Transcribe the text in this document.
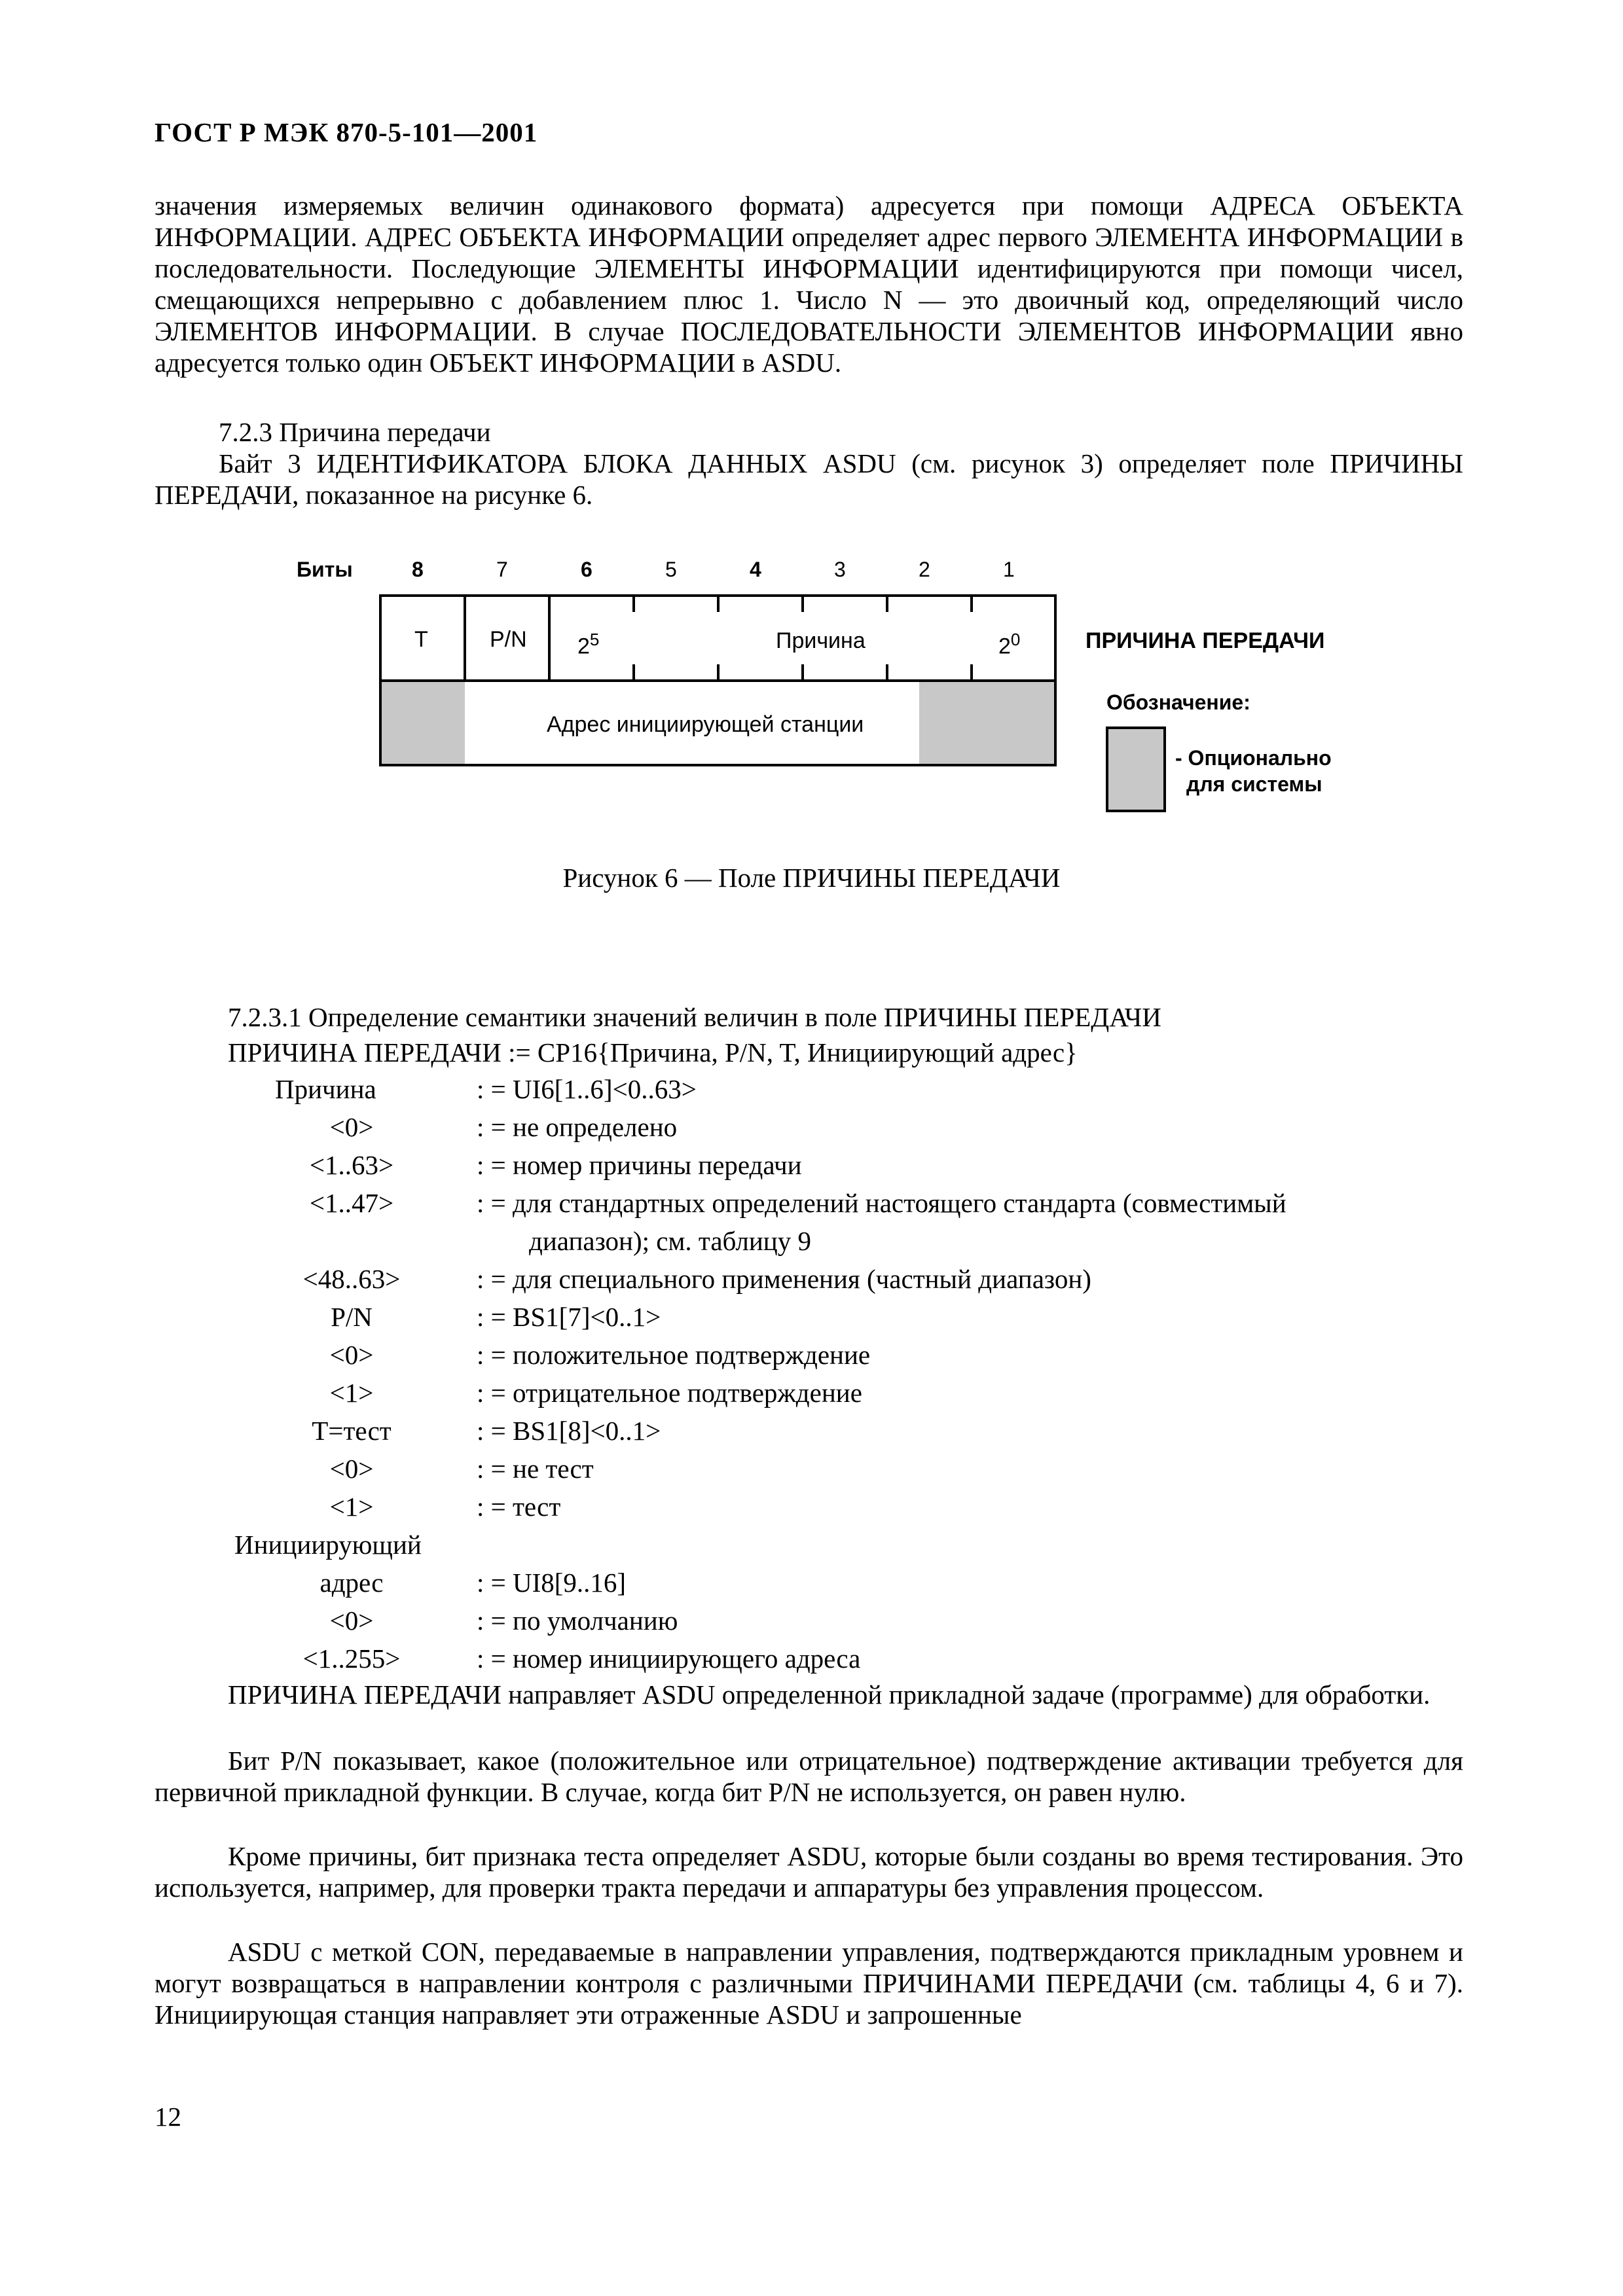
ГОСТ Р МЭК 870-5-101—2001
значения измеряемых величин одинакового формата) адресуется при помощи АДРЕСА ОБЪЕКТА ИНФОРМАЦИИ. АДРЕС ОБЪЕКТА ИНФОРМАЦИИ определяет адрес первого ЭЛЕМЕНТА ИНФОРМАЦИИ в последовательности. Последующие ЭЛЕМЕНТЫ ИНФОРМАЦИИ идентифицируются при помощи чисел, смещающихся непрерывно с добавлением плюс 1. Число N — это двоичный код, определяющий число ЭЛЕМЕНТОВ ИНФОРМАЦИИ. В случае ПОСЛЕДОВАТЕЛЬНОСТИ ЭЛЕМЕНТОВ ИНФОРМАЦИИ явно адресуется только один ОБЪЕКТ ИНФОРМАЦИИ в ASDU.
7.2.3 Причина передачи
Байт 3 ИДЕНТИФИКАТОРА БЛОКА ДАННЫХ ASDU (см. рисунок 3) определяет поле ПРИЧИНЫ ПЕРЕДАЧИ, показанное на рисунке 6.
Биты	8	7	6	5	4	3	2	1
T	P/N $2^5$	Причина	$2^0$
Адрес инициирующей станции
ПРИЧИНА ПЕРЕДАЧИ
Обозначение:
- Опционально
для системы
Рисунок 6 — Поле ПРИЧИНЫ ПЕРЕДАЧИ
7.2.3.1 Определение семантики значений величин в поле ПРИЧИНЫ ПЕРЕДАЧИ
ПРИЧИНА ПЕРЕДАЧИ := CP16{Причина, P/N, T, Инициирующий адрес}
Причина	: = UI6[1..6]<0..63>
<0>	: = не определено
<1..63>	: = номер причины передачи
<1..47>	: = для стандартных определений настоящего стандарта (совместимый
диапазон); см. таблицу 9
<48..63>	: = для специального применения (частный диапазон)
P/N	: = BS1[7]<0..1>
<0>	: = положительное подтверждение
<1>	: = отрицательное подтверждение
T=тест	: = BS1[8]<0..1>
<0>	: = не тест
<1>	: = тест
Инициирующий
адрес	: = UI8[9..16]
<0>	: = по умолчанию
<1..255>	: = номер инициирующего адреса
ПРИЧИНА ПЕРЕДАЧИ направляет ASDU определенной прикладной задаче (программе) для обработки.
Бит P/N показывает, какое (положительное или отрицательное) подтверждение активации требуется для первичной прикладной функции. В случае, когда бит P/N не используется, он равен нулю.
Кроме причины, бит признака теста определяет ASDU, которые были созданы во время тестирования. Это используется, например, для проверки тракта передачи и аппаратуры без управления процессом.
ASDU с меткой CON, передаваемые в направлении управления, подтверждаются прикладным уровнем и могут возвращаться в направлении контроля с различными ПРИЧИНАМИ ПЕРЕДАЧИ (см. таблицы 4, 6 и 7). Инициирующая станция направляет эти отраженные ASDU и запрошенные
12
